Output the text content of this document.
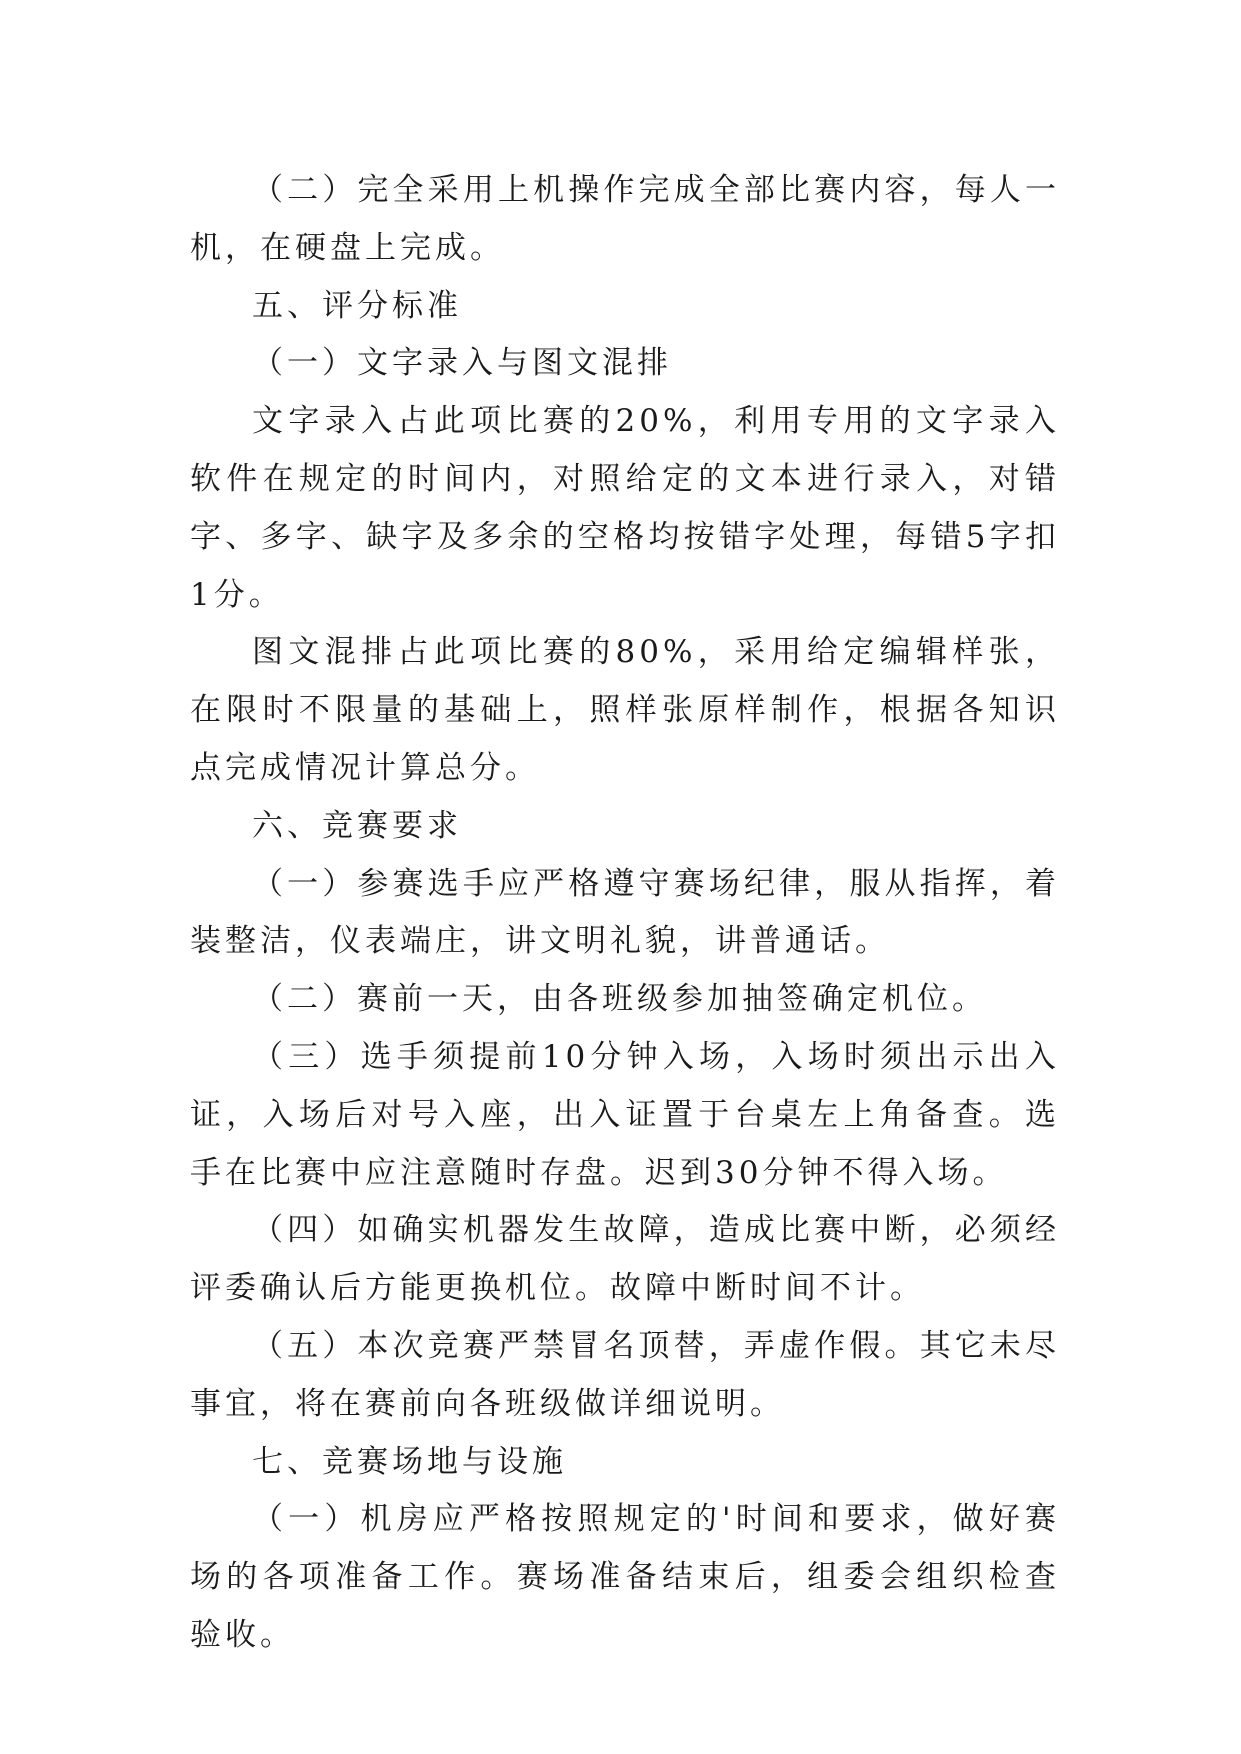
（二）完全采用上机操作完成全部比赛内容，每人一机，在硬盘上完成。

五、评分标准

（一）文字录入与图文混排

文字录入占此项比赛的20%，利用专用的文字录入软件在规定的时间内，对照给定的文本进行录入，对错字、多字、缺字及多余的空格均按错字处理，每错5字扣1分。

图文混排占此项比赛的80%，采用给定编辑样张，在限时不限量的基础上，照样张原样制作，根据各知识点完成情况计算总分。

六、竞赛要求

（一）参赛选手应严格遵守赛场纪律，服从指挥，着装整洁，仪表端庄，讲文明礼貌，讲普通话。

（二）赛前一天，由各班级参加抽签确定机位。

（三）选手须提前10分钟入场，入场时须出示出入证，入场后对号入座，出入证置于台桌左上角备查。选手在比赛中应注意随时存盘。迟到30分钟不得入场。

（四）如确实机器发生故障，造成比赛中断，必须经评委确认后方能更换机位。故障中断时间不计。

（五）本次竞赛严禁冒名顶替，弄虚作假。其它未尽事宜，将在赛前向各班级做详细说明。

七、竞赛场地与设施

（一）机房应严格按照规定的'时间和要求，做好赛场的各项准备工作。赛场准备结束后，组委会组织检查验收。
